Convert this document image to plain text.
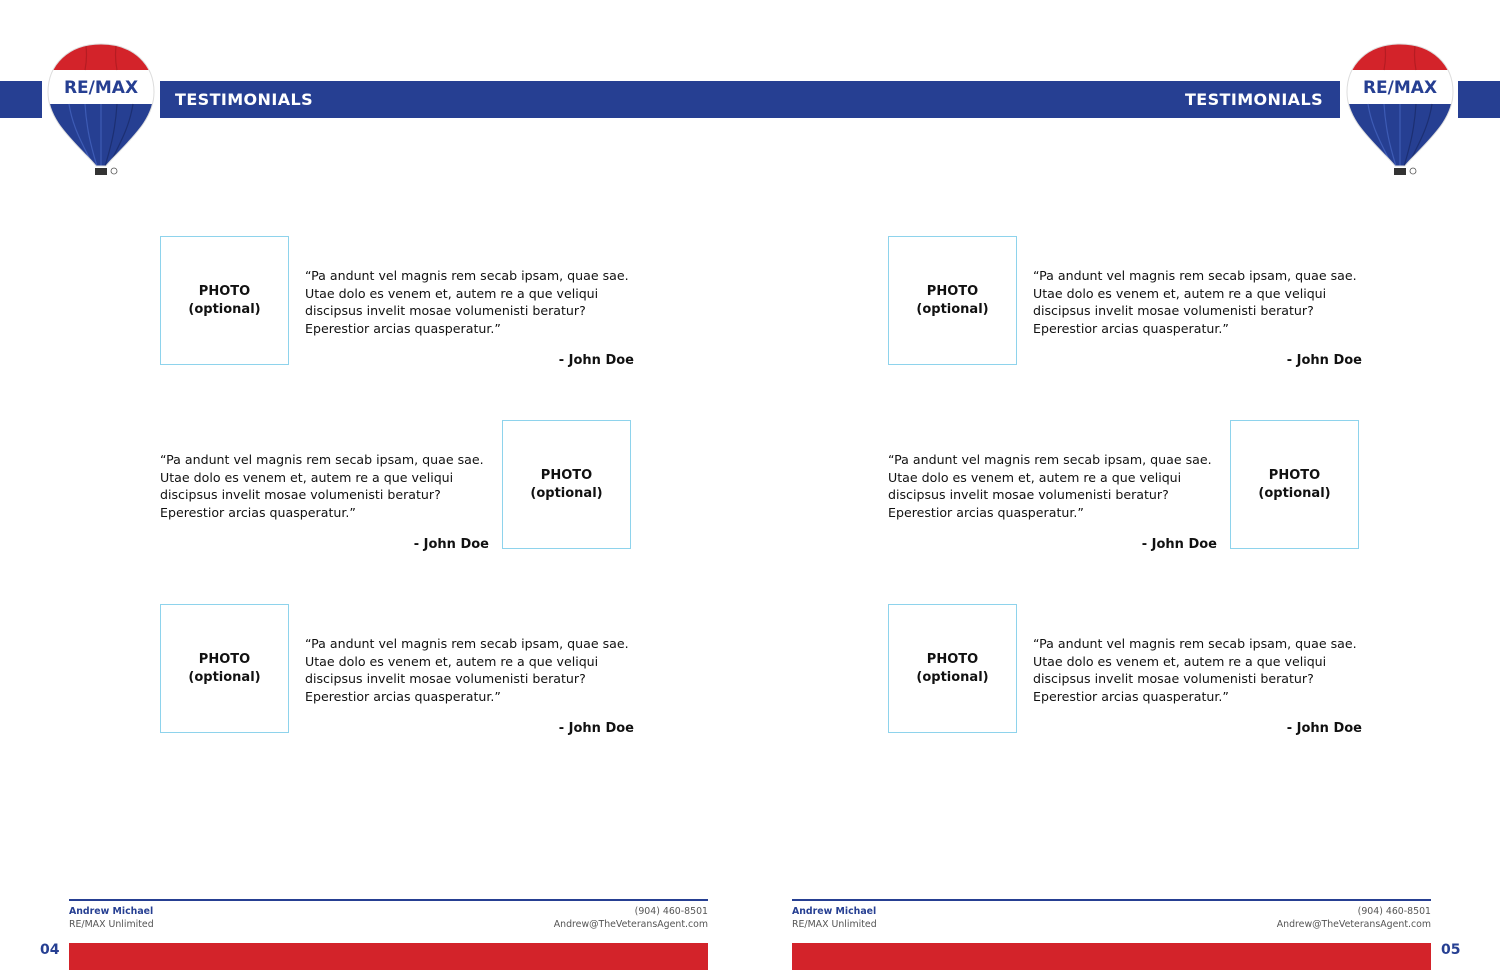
TESTIMONIALS
RE/MAX
PHOTO
(optional)
“Pa andunt vel magnis rem secab ipsam, quae sae. Utae dolo es venem et, autem re a que veliqui discipsus invelit mosae volumenisti beratur? Eperestior arcias quasperatur.”
- John Doe
“Pa andunt vel magnis rem secab ipsam, quae sae. Utae dolo es venem et, autem re a que veliqui discipsus invelit mosae volumenisti beratur? Eperestior arcias quasperatur.”
- John Doe
PHOTO
(optional)
PHOTO
(optional)
“Pa andunt vel magnis rem secab ipsam, quae sae. Utae dolo es venem et, autem re a que veliqui discipsus invelit mosae volumenisti beratur? Eperestior arcias quasperatur.”
- John Doe
Andrew Michael
RE/MAX Unlimited
(904) 460-8501
Andrew@TheVeteransAgent.com
04
TESTIMONIALS
RE/MAX
PHOTO
(optional)
“Pa andunt vel magnis rem secab ipsam, quae sae. Utae dolo es venem et, autem re a que veliqui discipsus invelit mosae volumenisti beratur? Eperestior arcias quasperatur.”
- John Doe
“Pa andunt vel magnis rem secab ipsam, quae sae. Utae dolo es venem et, autem re a que veliqui discipsus invelit mosae volumenisti beratur? Eperestior arcias quasperatur.”
- John Doe
PHOTO
(optional)
PHOTO
(optional)
“Pa andunt vel magnis rem secab ipsam, quae sae. Utae dolo es venem et, autem re a que veliqui discipsus invelit mosae volumenisti beratur? Eperestior arcias quasperatur.”
- John Doe
Andrew Michael
RE/MAX Unlimited
(904) 460-8501
Andrew@TheVeteransAgent.com
05
